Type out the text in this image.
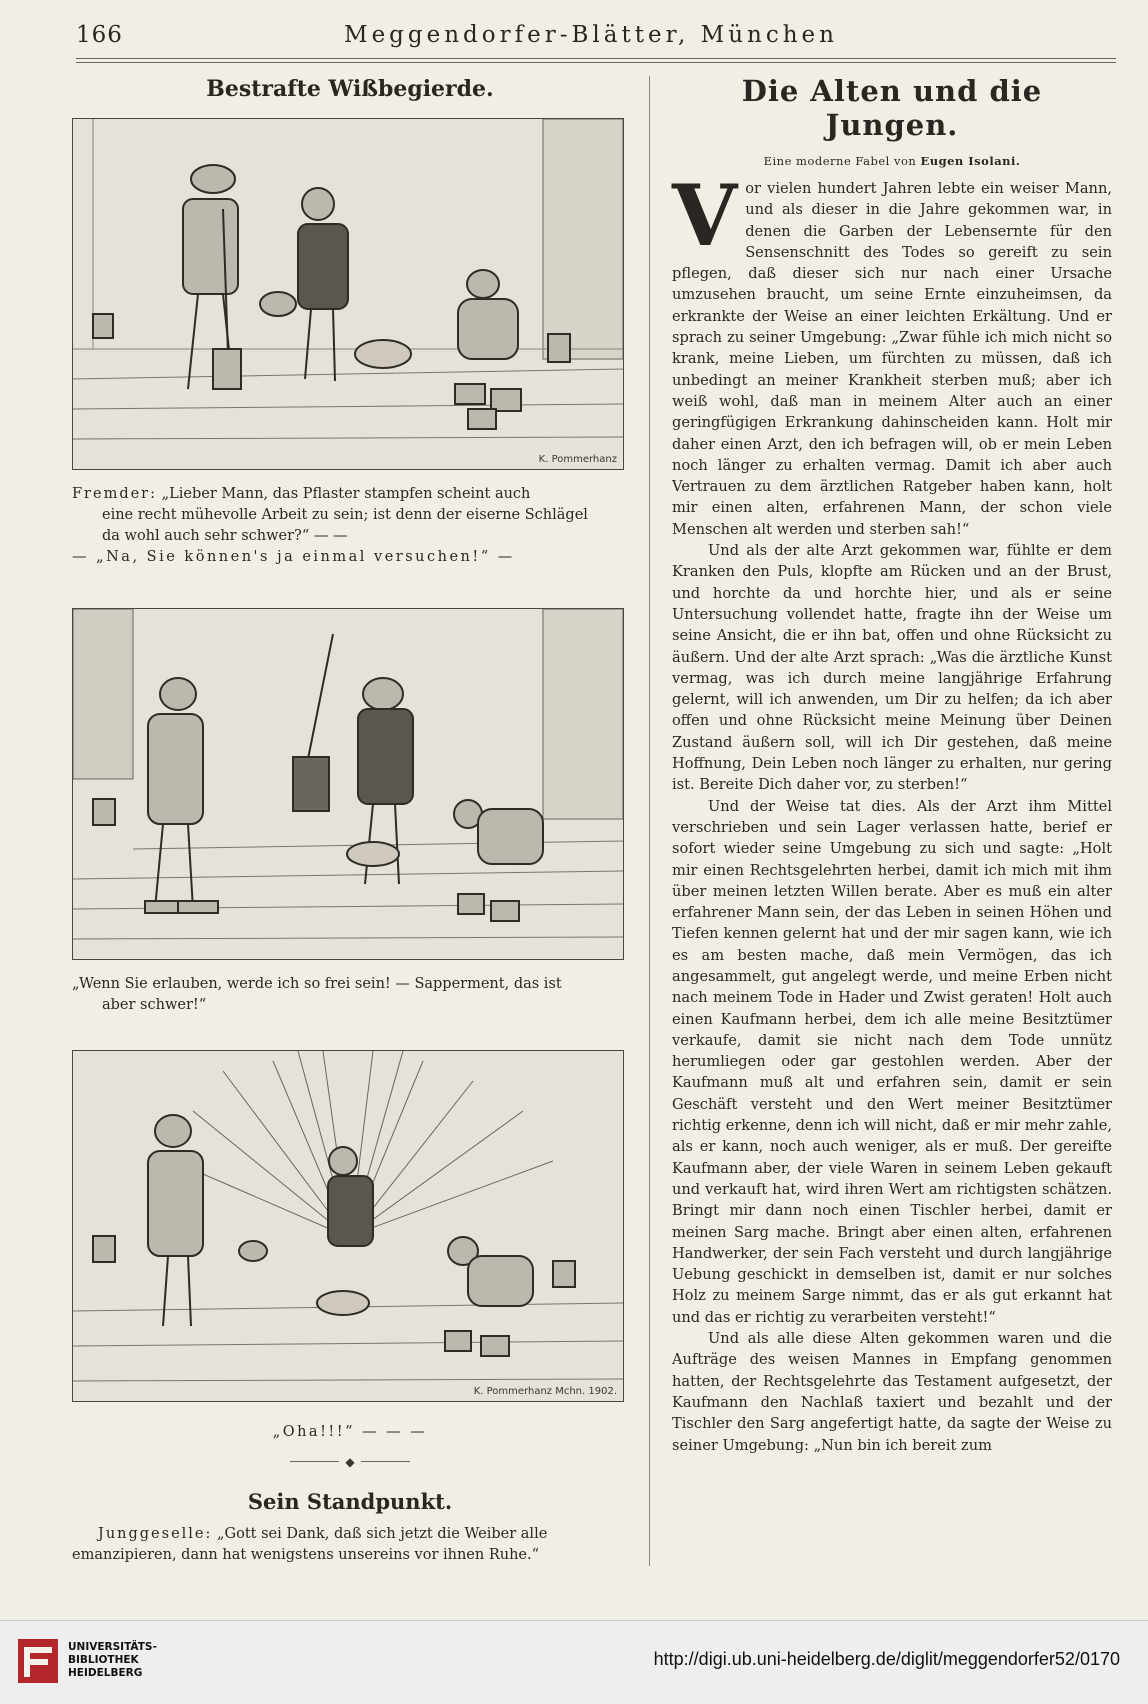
166	Meggendorfer-Blätter, München
Bestrafte Wißbegierde.
K. Pommerhanz

Fremder: „Lieber Mann, das Pflaster stampfen scheint auch

eine recht mühevolle Arbeit zu sein; ist denn der eiserne Schlägel

da wohl auch sehr schwer?“ — —

— „Na, Sie können's ja einmal versuchen!“ —

„Wenn Sie erlauben, werde ich so frei sein! — Sapperment, das ist

aber schwer!“

K. Pommerhanz Mchn. 1902.

„Oha!!!“ — — —

◆
Sein Standpunkt.

Junggeselle: „Gott sei Dank, daß sich jetzt die Weiber alle

emanzipieren, dann hat wenigstens unsereins vor ihnen Ruhe.“

Die Alten und die Jungen.
Eine moderne Fabel von Eugen Isolani.

Vor vielen hundert Jahren lebte ein weiser Mann, und als dieser in die Jahre gekommen war, in denen die Garben der Lebensernte für den Sensenschnitt des Todes so gereift zu sein pflegen, daß dieser sich nur nach einer Ursache umzusehen braucht, um seine Ernte einzuheimsen, da erkrankte der Weise an einer leichten Erkältung. Und er sprach zu seiner Umgebung: „Zwar fühle ich mich nicht so krank, meine Lieben, um fürchten zu müssen, daß ich unbedingt an meiner Krankheit sterben muß; aber ich weiß wohl, daß man in meinem Alter auch an einer geringfügigen Erkrankung dahinscheiden kann. Holt mir daher einen Arzt, den ich befragen will, ob er mein Leben noch länger zu erhalten vermag. Damit ich aber auch Vertrauen zu dem ärztlichen Ratgeber haben kann, holt mir einen alten, erfahrenen Mann, der schon viele Menschen alt werden und sterben sah!“

Und als der alte Arzt gekommen war, fühlte er dem Kranken den Puls, klopfte am Rücken und an der Brust, und horchte da und horchte hier, und als er seine Untersuchung vollendet hatte, fragte ihn der Weise um seine Ansicht, die er ihn bat, offen und ohne Rücksicht zu äußern. Und der alte Arzt sprach: „Was die ärztliche Kunst vermag, was ich durch meine langjährige Erfahrung gelernt, will ich anwenden, um Dir zu helfen; da ich aber offen und ohne Rücksicht meine Meinung über Deinen Zustand äußern soll, will ich Dir gestehen, daß meine Hoffnung, Dein Leben noch länger zu erhalten, nur gering ist. Bereite Dich daher vor, zu sterben!“

Und der Weise tat dies. Als der Arzt ihm Mittel verschrieben und sein Lager verlassen hatte, berief er sofort wieder seine Umgebung zu sich und sagte: „Holt mir einen Rechtsgelehrten herbei, damit ich mich mit ihm über meinen letzten Willen berate. Aber es muß ein alter erfahrener Mann sein, der das Leben in seinen Höhen und Tiefen kennen gelernt hat und der mir sagen kann, wie ich es am besten mache, daß mein Vermögen, das ich angesammelt, gut angelegt werde, und meine Erben nicht nach meinem Tode in Hader und Zwist geraten! Holt auch einen Kaufmann herbei, dem ich alle meine Besitztümer verkaufe, damit sie nicht nach dem Tode unnütz herumliegen oder gar gestohlen werden. Aber der Kaufmann muß alt und erfahren sein, damit er sein Geschäft versteht und den Wert meiner Besitztümer richtig erkenne, denn ich will nicht, daß er mir mehr zahle, als er kann, noch auch weniger, als er muß. Der gereifte Kaufmann aber, der viele Waren in seinem Leben gekauft und verkauft hat, wird ihren Wert am richtigsten schätzen. Bringt mir dann noch einen Tischler herbei, damit er meinen Sarg mache. Bringt aber einen alten, erfahrenen Handwerker, der sein Fach versteht und durch langjährige Uebung geschickt in demselben ist, damit er nur solches Holz zu meinem Sarge nimmt, das er als gut erkannt hat und das er richtig zu verarbeiten versteht!“

Und als alle diese Alten gekommen waren und die Aufträge des weisen Mannes in Empfang genommen hatten, der Rechtsgelehrte das Testament aufgesetzt, der Kaufmann den Nachlaß taxiert und bezahlt und der Tischler den Sarg angefertigt hatte, da sagte der Weise zu seiner Umgebung: „Nun bin ich bereit zum

UNIVERSITÄTS-
BIBLIOTHEK
HEIDELBERG
http://digi.ub.uni-heidelberg.de/diglit/meggendorfer52/0170
